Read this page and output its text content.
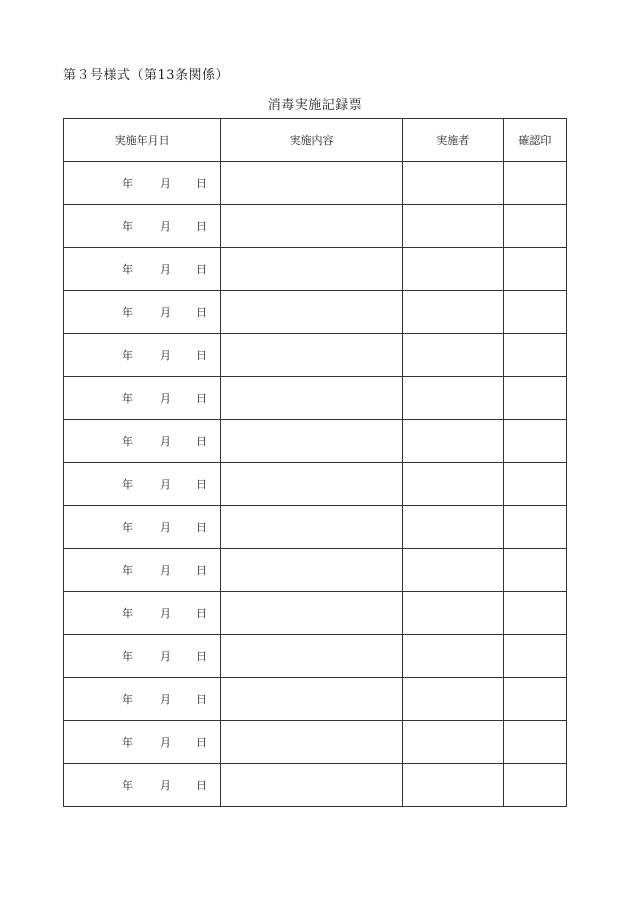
第３号様式（第13条関係）
消毒実施記録票
実施年月日	実施内容	実施者	確認印

年 月 日			

年 月 日			

年 月 日			

年 月 日			

年 月 日			

年 月 日			

年 月 日			

年 月 日			

年 月 日			

年 月 日			

年 月 日			

年 月 日			

年 月 日			

年 月 日			

年 月 日			
